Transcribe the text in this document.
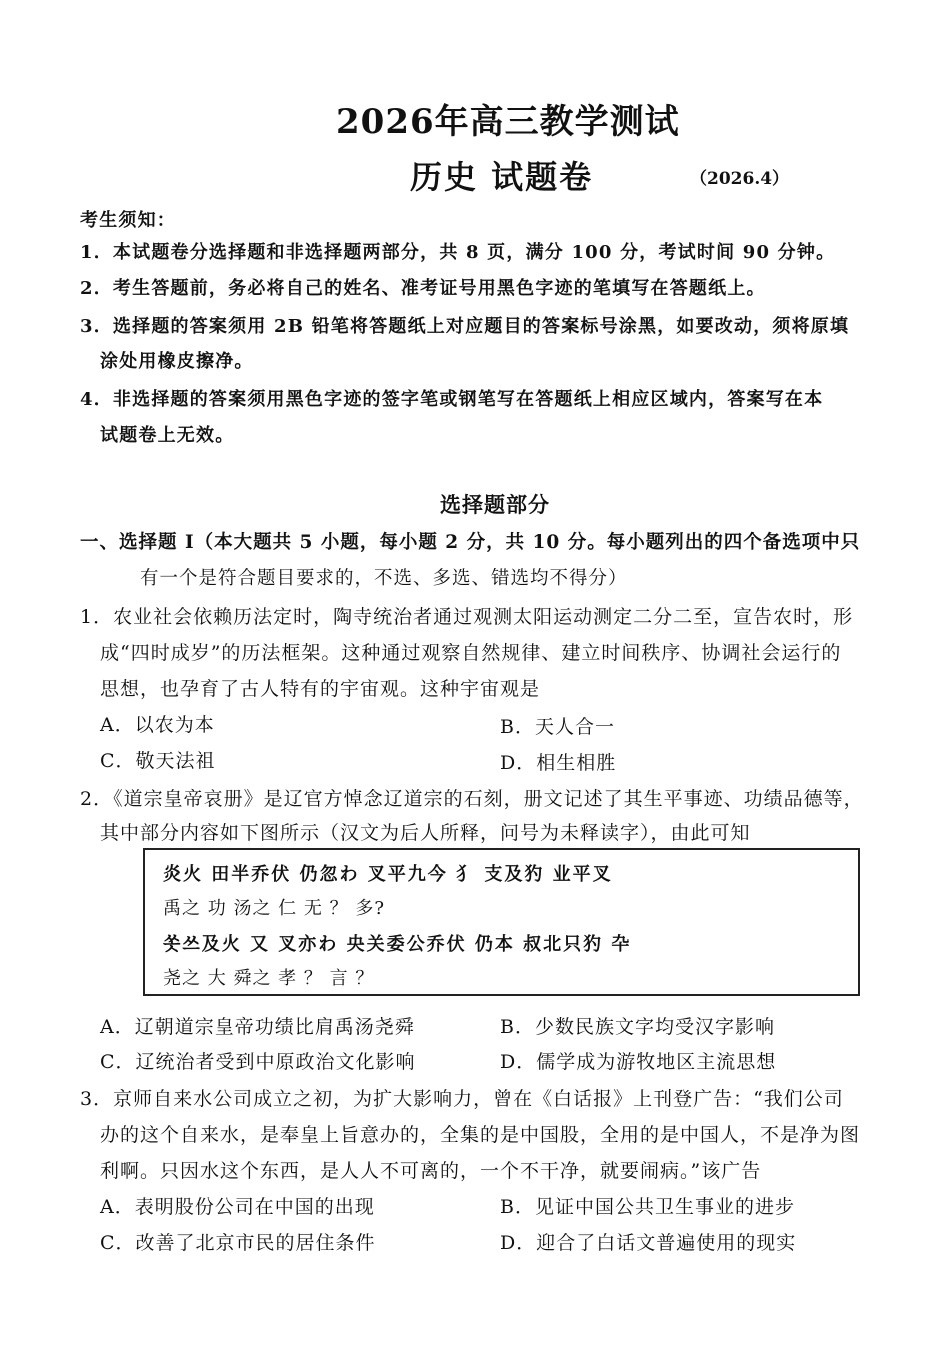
2026年高三教学测试
历史 试题卷	（2026.4）
考生须知：
1．本试题卷分选择题和非选择题两部分，共 8 页，满分 100 分，考试时间 90 分钟。
2．考生答题前，务必将自己的姓名、准考证号用黑色字迹的笔填写在答题纸上。
3．选择题的答案须用 2B 铅笔将答题纸上对应题目的答案标号涂黑，如要改动，须将原填
涂处用橡皮擦净。
4．非选择题的答案须用黑色字迹的签字笔或钢笔写在答题纸上相应区域内，答案写在本
试题卷上无效。
选择题部分
一、选择题 Ⅰ（本大题共 5 小题，每小题 2 分，共 10 分。每小题列出的四个备选项中只
有一个是符合题目要求的，不选、多选、错选均不得分）
1．农业社会依赖历法定时，陶寺统治者通过观测太阳运动测定二分二至，宣告农时，形
成“四时成岁”的历法框架。这种通过观察自然规律、建立时间秩序、协调社会运行的
思想，也孕育了古人特有的宇宙观。这种宇宙观是
A．以农为本	B．天人合一
C．敬天法祖	D．相生相胜
2．《道宗皇帝哀册》是辽官方悼念辽道宗的石刻，册文记述了其生平事迹、功绩品德等，
其中部分内容如下图所示（汉文为后人所释，问号为未释读字），由此可知
炎火 田半乔伏 仍忽わ 叉平九今 犭 支及犳 业平叉
禹之 功 汤之 仁 无 ？ 多?
쏫쓰及火 又 叉亦わ 央关委公乔伏 仍本 叔北只犳 卆
尧之 大 舜之 孝 ？ 言 ？
A．辽朝道宗皇帝功绩比肩禹汤尧舜	B．少数民族文字均受汉字影响
C．辽统治者受到中原政治文化影响	D．儒学成为游牧地区主流思想
3．京师自来水公司成立之初，为扩大影响力，曾在《白话报》上刊登广告：“我们公司
办的这个自来水，是奉皇上旨意办的，全集的是中国股，全用的是中国人，不是净为图
利啊。只因水这个东西，是人人不可离的，一个不干净，就要闹病。”该广告
A．表明股份公司在中国的出现	B．见证中国公共卫生事业的进步
C．改善了北京市民的居住条件	D．迎合了白话文普遍使用的现实
